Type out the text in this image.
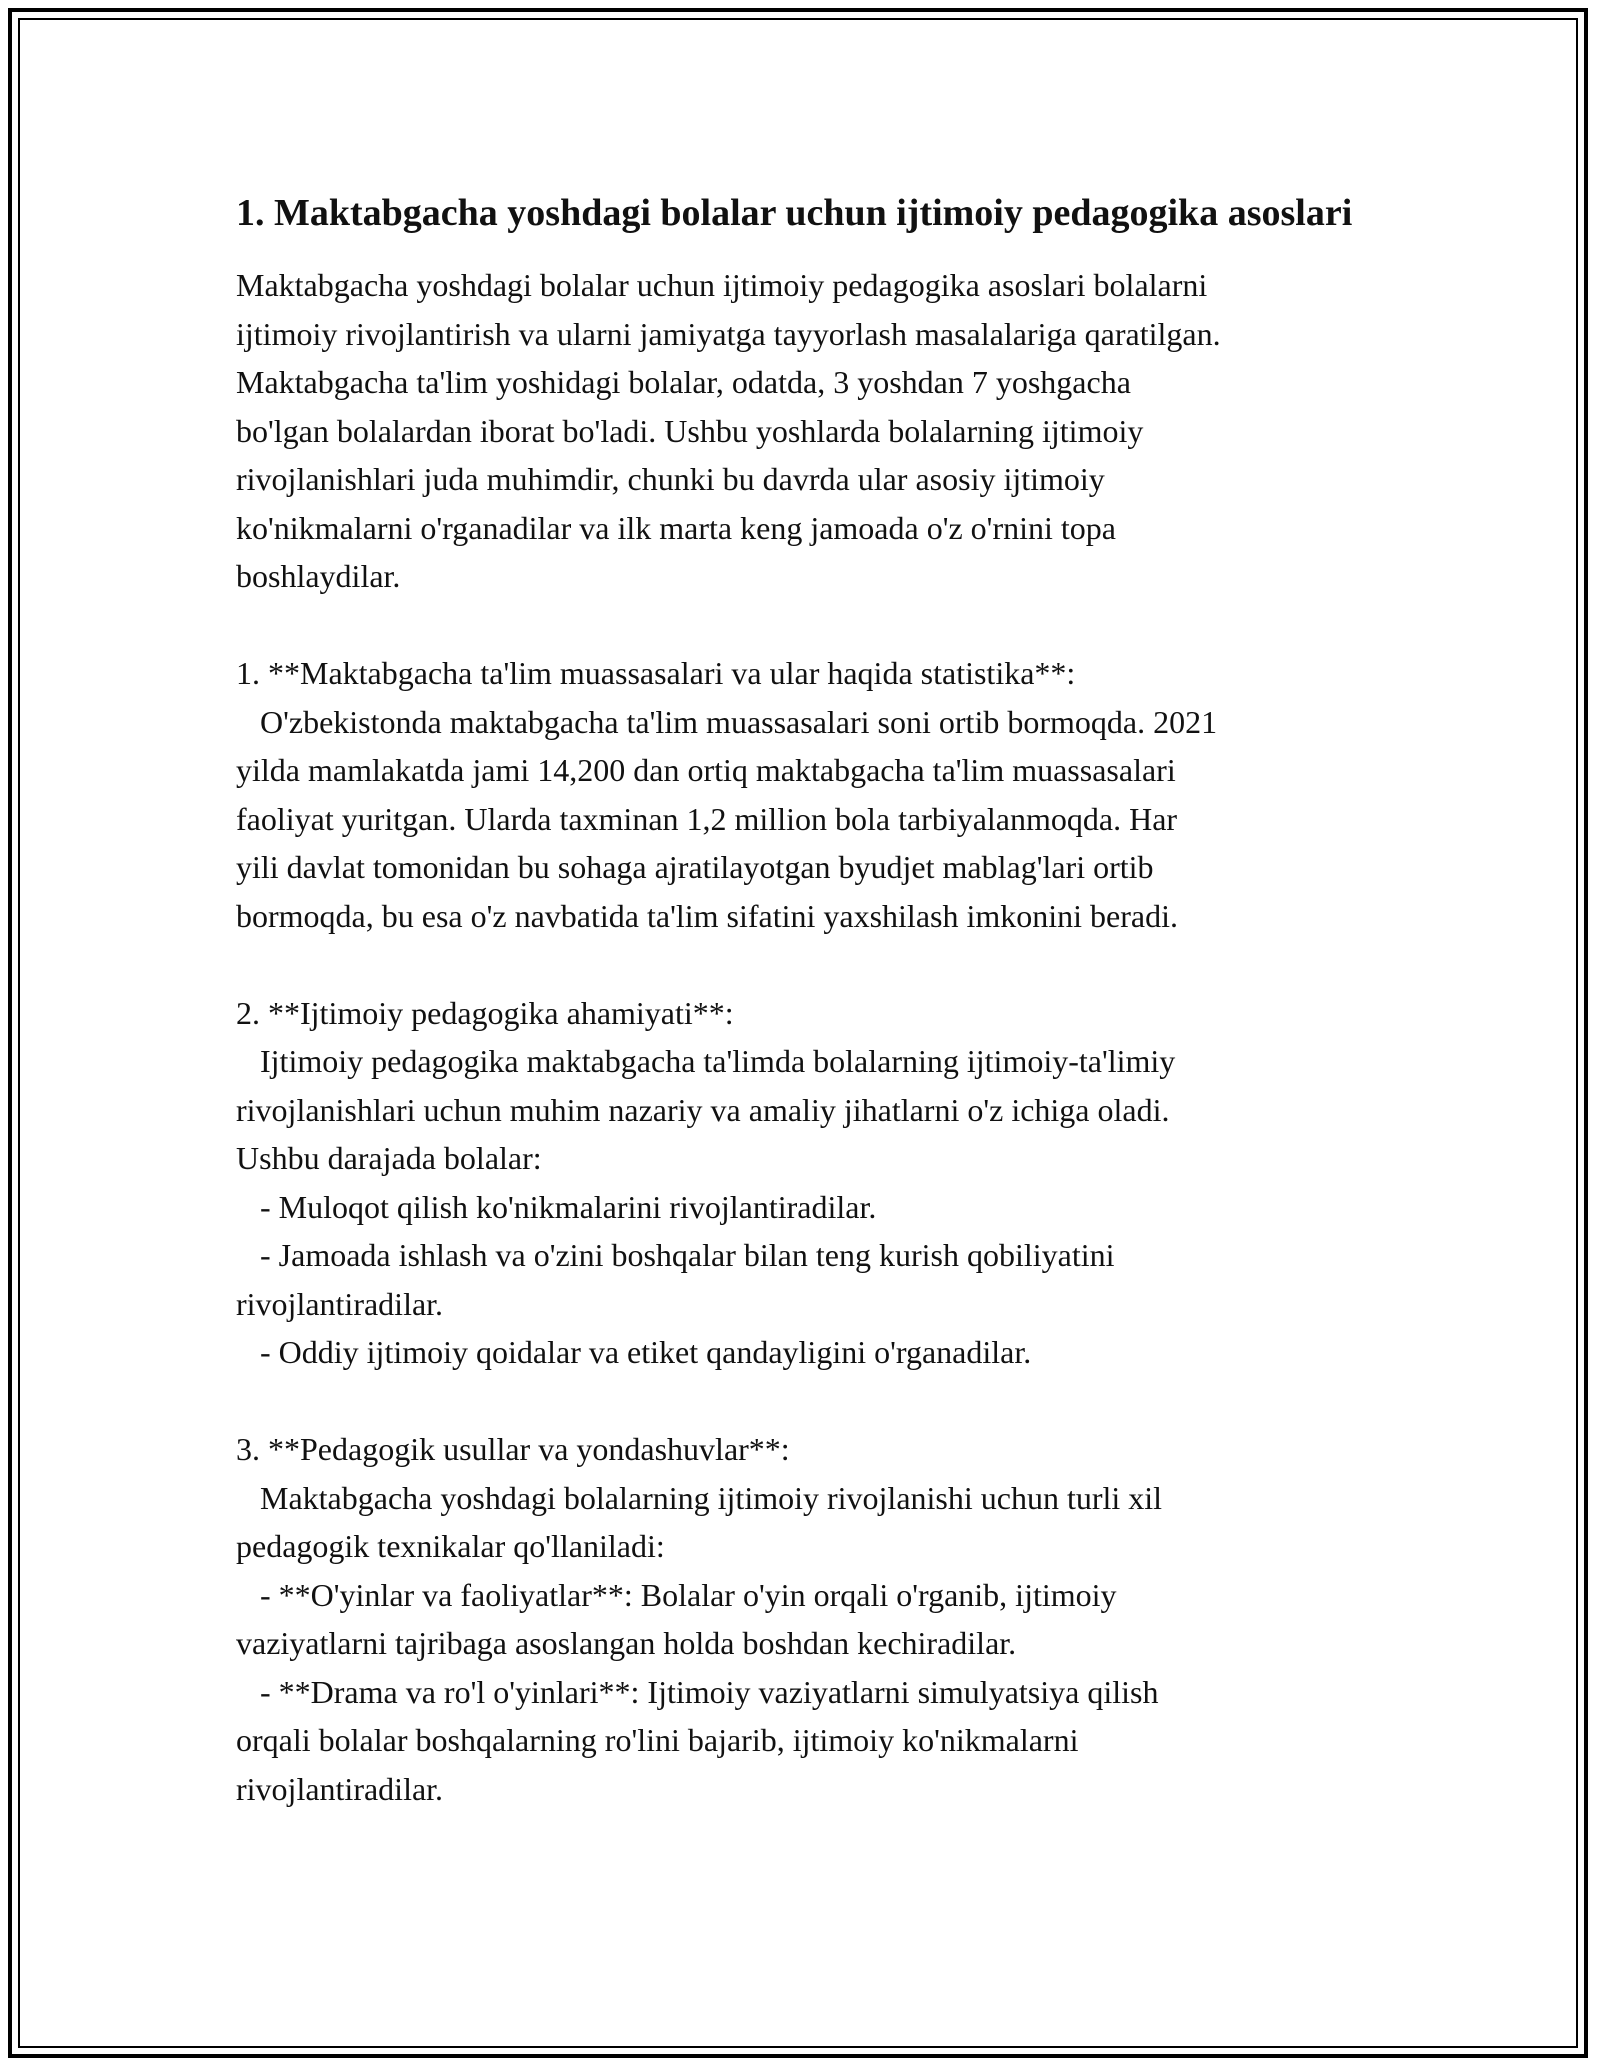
1. Maktabgacha yoshdagi bolalar uchun ijtimoiy pedagogika asoslari

Maktabgacha yoshdagi bolalar uchun ijtimoiy pedagogika asoslari bolalarni

ijtimoiy rivojlantirish va ularni jamiyatga tayyorlash masalalariga qaratilgan.

Maktabgacha ta'lim yoshidagi bolalar, odatda, 3 yoshdan 7 yoshgacha

bo'lgan bolalardan iborat bo'ladi. Ushbu yoshlarda bolalarning ijtimoiy

rivojlanishlari juda muhimdir, chunki bu davrda ular asosiy ijtimoiy

ko'nikmalarni o'rganadilar va ilk marta keng jamoada o'z o'rnini topa

boshlaydilar.

1. **Maktabgacha ta'lim muassasalari va ular haqida statistika**:

O'zbekistonda maktabgacha ta'lim muassasalari soni ortib bormoqda. 2021

yilda mamlakatda jami 14,200 dan ortiq maktabgacha ta'lim muassasalari

faoliyat yuritgan. Ularda taxminan 1,2 million bola tarbiyalanmoqda. Har

yili davlat tomonidan bu sohaga ajratilayotgan byudjet mablag'lari ortib

bormoqda, bu esa o'z navbatida ta'lim sifatini yaxshilash imkonini beradi.

2. **Ijtimoiy pedagogika ahamiyati**:

Ijtimoiy pedagogika maktabgacha ta'limda bolalarning ijtimoiy-ta'limiy

rivojlanishlari uchun muhim nazariy va amaliy jihatlarni o'z ichiga oladi.

Ushbu darajada bolalar:

- Muloqot qilish ko'nikmalarini rivojlantiradilar.

- Jamoada ishlash va o'zini boshqalar bilan teng kurish qobiliyatini

rivojlantiradilar.

- Oddiy ijtimoiy qoidalar va etiket qandayligini o'rganadilar.

3. **Pedagogik usullar va yondashuvlar**:

Maktabgacha yoshdagi bolalarning ijtimoiy rivojlanishi uchun turli xil

pedagogik texnikalar qo'llaniladi:

- **O'yinlar va faoliyatlar**: Bolalar o'yin orqali o'rganib, ijtimoiy

vaziyatlarni tajribaga asoslangan holda boshdan kechiradilar.

- **Drama va ro'l o'yinlari**: Ijtimoiy vaziyatlarni simulyatsiya qilish

orqali bolalar boshqalarning ro'lini bajarib, ijtimoiy ko'nikmalarni

rivojlantiradilar.
